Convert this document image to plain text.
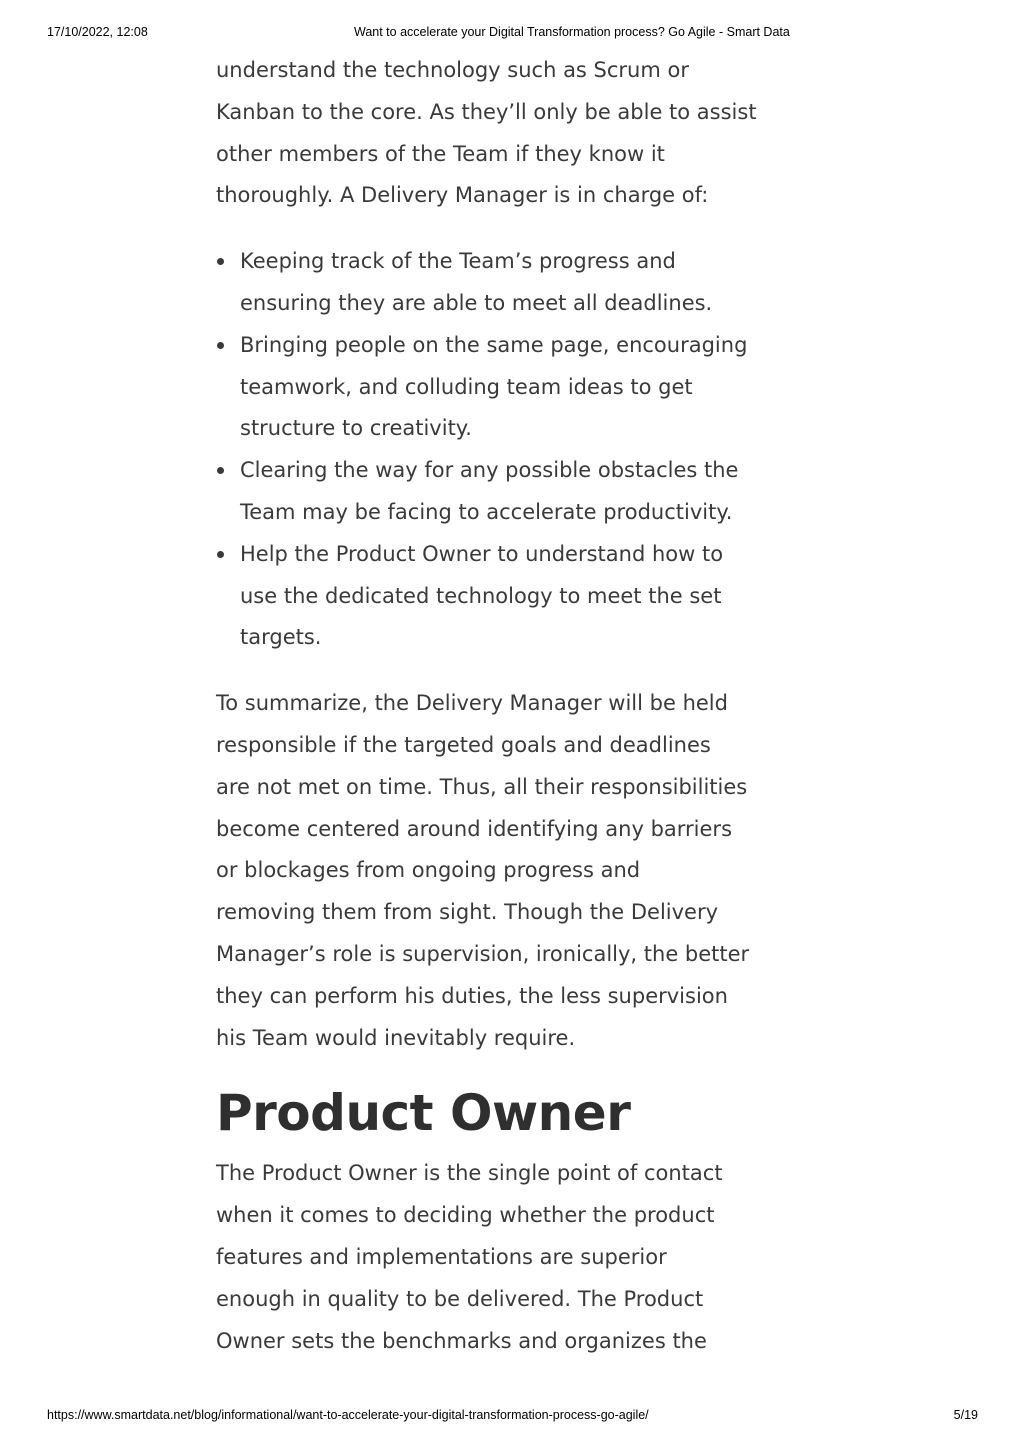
17/10/2022, 12:08	Want to accelerate your Digital Transformation process? Go Agile - Smart Data

understand the technology such as Scrum or
Kanban to the core. As they’ll only be able to assist
other members of the Team if they know it
thoroughly. A Delivery Manager is in charge of:

Keeping track of the Team’s progress and
ensuring they are able to meet all deadlines.
Bringing people on the same page, encouraging
teamwork, and colluding team ideas to get
structure to creativity.
Clearing the way for any possible obstacles the
Team may be facing to accelerate productivity.
Help the Product Owner to understand how to
use the dedicated technology to meet the set
targets.

To summarize, the Delivery Manager will be held
responsible if the targeted goals and deadlines
are not met on time. Thus, all their responsibilities
become centered around identifying any barriers
or blockages from ongoing progress and
removing them from sight. Though the Delivery
Manager’s role is supervision, ironically, the better
they can perform his duties, the less supervision
his Team would inevitably require.

Product Owner

The Product Owner is the single point of contact
when it comes to deciding whether the product
features and implementations are superior
enough in quality to be delivered. The Product
Owner sets the benchmarks and organizes the

https://www.smartdata.net/blog/informational/want-to-accelerate-your-digital-transformation-process-go-agile/	5/19
